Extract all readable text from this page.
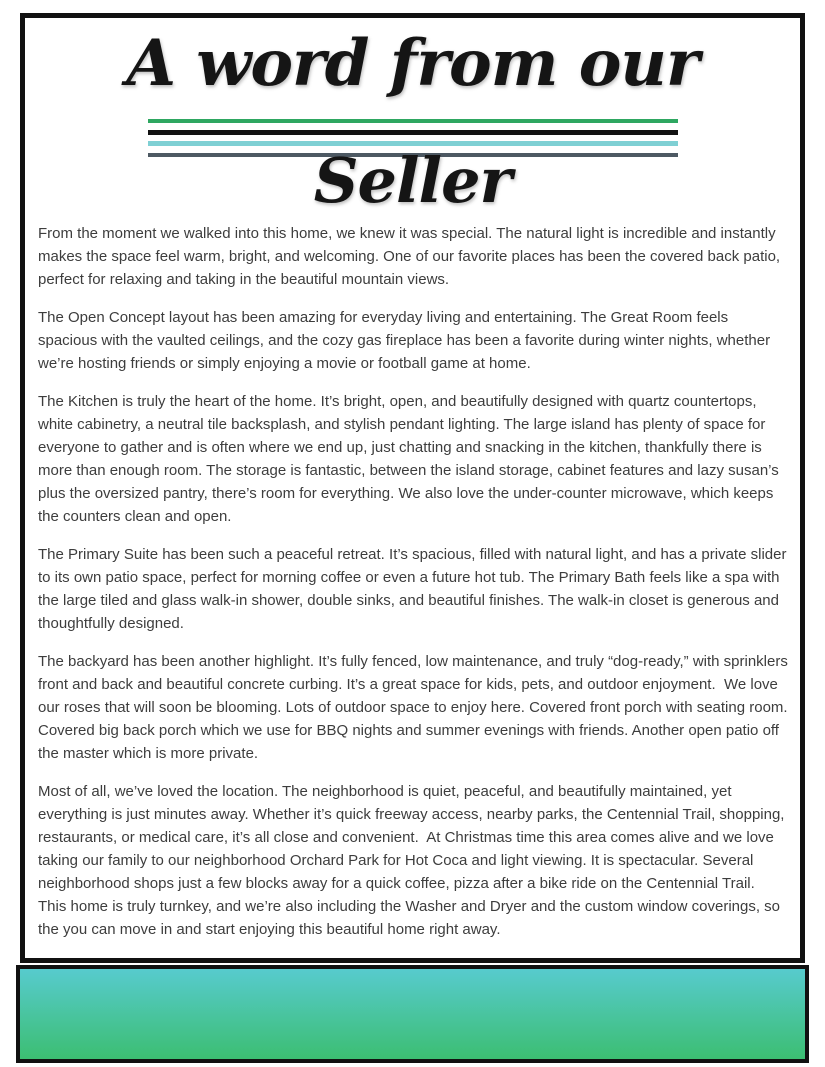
A word from our
Seller

From the moment we walked into this home, we knew it was special. The natural light is incredible and instantly makes the space feel warm, bright, and welcoming. One of our favorite places has been the covered back patio, perfect for relaxing and taking in the beautiful mountain views.

The Open Concept layout has been amazing for everyday living and entertaining. The Great Room feels spacious with the vaulted ceilings, and the cozy gas fireplace has been a favorite during winter nights, whether we’re hosting friends or simply enjoying a movie or football game at home.

The Kitchen is truly the heart of the home. It’s bright, open, and beautifully designed with quartz countertops, white cabinetry, a neutral tile backsplash, and stylish pendant lighting. The large island has plenty of space for everyone to gather and is often where we end up, just chatting and snacking in the kitchen, thankfully there is more than enough room. The storage is fantastic, between the island storage, cabinet features and lazy susan’s plus the oversized pantry, there’s room for everything. We also love the under-counter microwave, which keeps the counters clean and open.

The Primary Suite has been such a peaceful retreat. It’s spacious, filled with natural light, and has a private slider to its own patio space, perfect for morning coffee or even a future hot tub. The Primary Bath feels like a spa with the large tiled and glass walk-in shower, double sinks, and beautiful finishes. The walk-in closet is generous and thoughtfully designed.

The backyard has been another highlight. It’s fully fenced, low maintenance, and truly “dog-ready,” with sprinklers front and back and beautiful concrete curbing. It’s a great space for kids, pets, and outdoor enjoyment.  We love our roses that will soon be blooming. Lots of outdoor space to enjoy here. Covered front porch with seating room. Covered big back porch which we use for BBQ nights and summer evenings with friends. Another open patio off the master which is more private.

Most of all, we’ve loved the location. The neighborhood is quiet, peaceful, and beautifully maintained, yet everything is just minutes away. Whether it’s quick freeway access, nearby parks, the Centennial Trail, shopping, restaurants, or medical care, it’s all close and convenient.  At Christmas time this area comes alive and we love taking our family to our neighborhood Orchard Park for Hot Coca and light viewing. It is spectacular. Several neighborhood shops just a few blocks away for a quick coffee, pizza after a bike ride on the Centennial Trail.  This home is truly turnkey, and we’re also including the Washer and Dryer and the custom window coverings, so the you can move in and start enjoying this beautiful home right away.
